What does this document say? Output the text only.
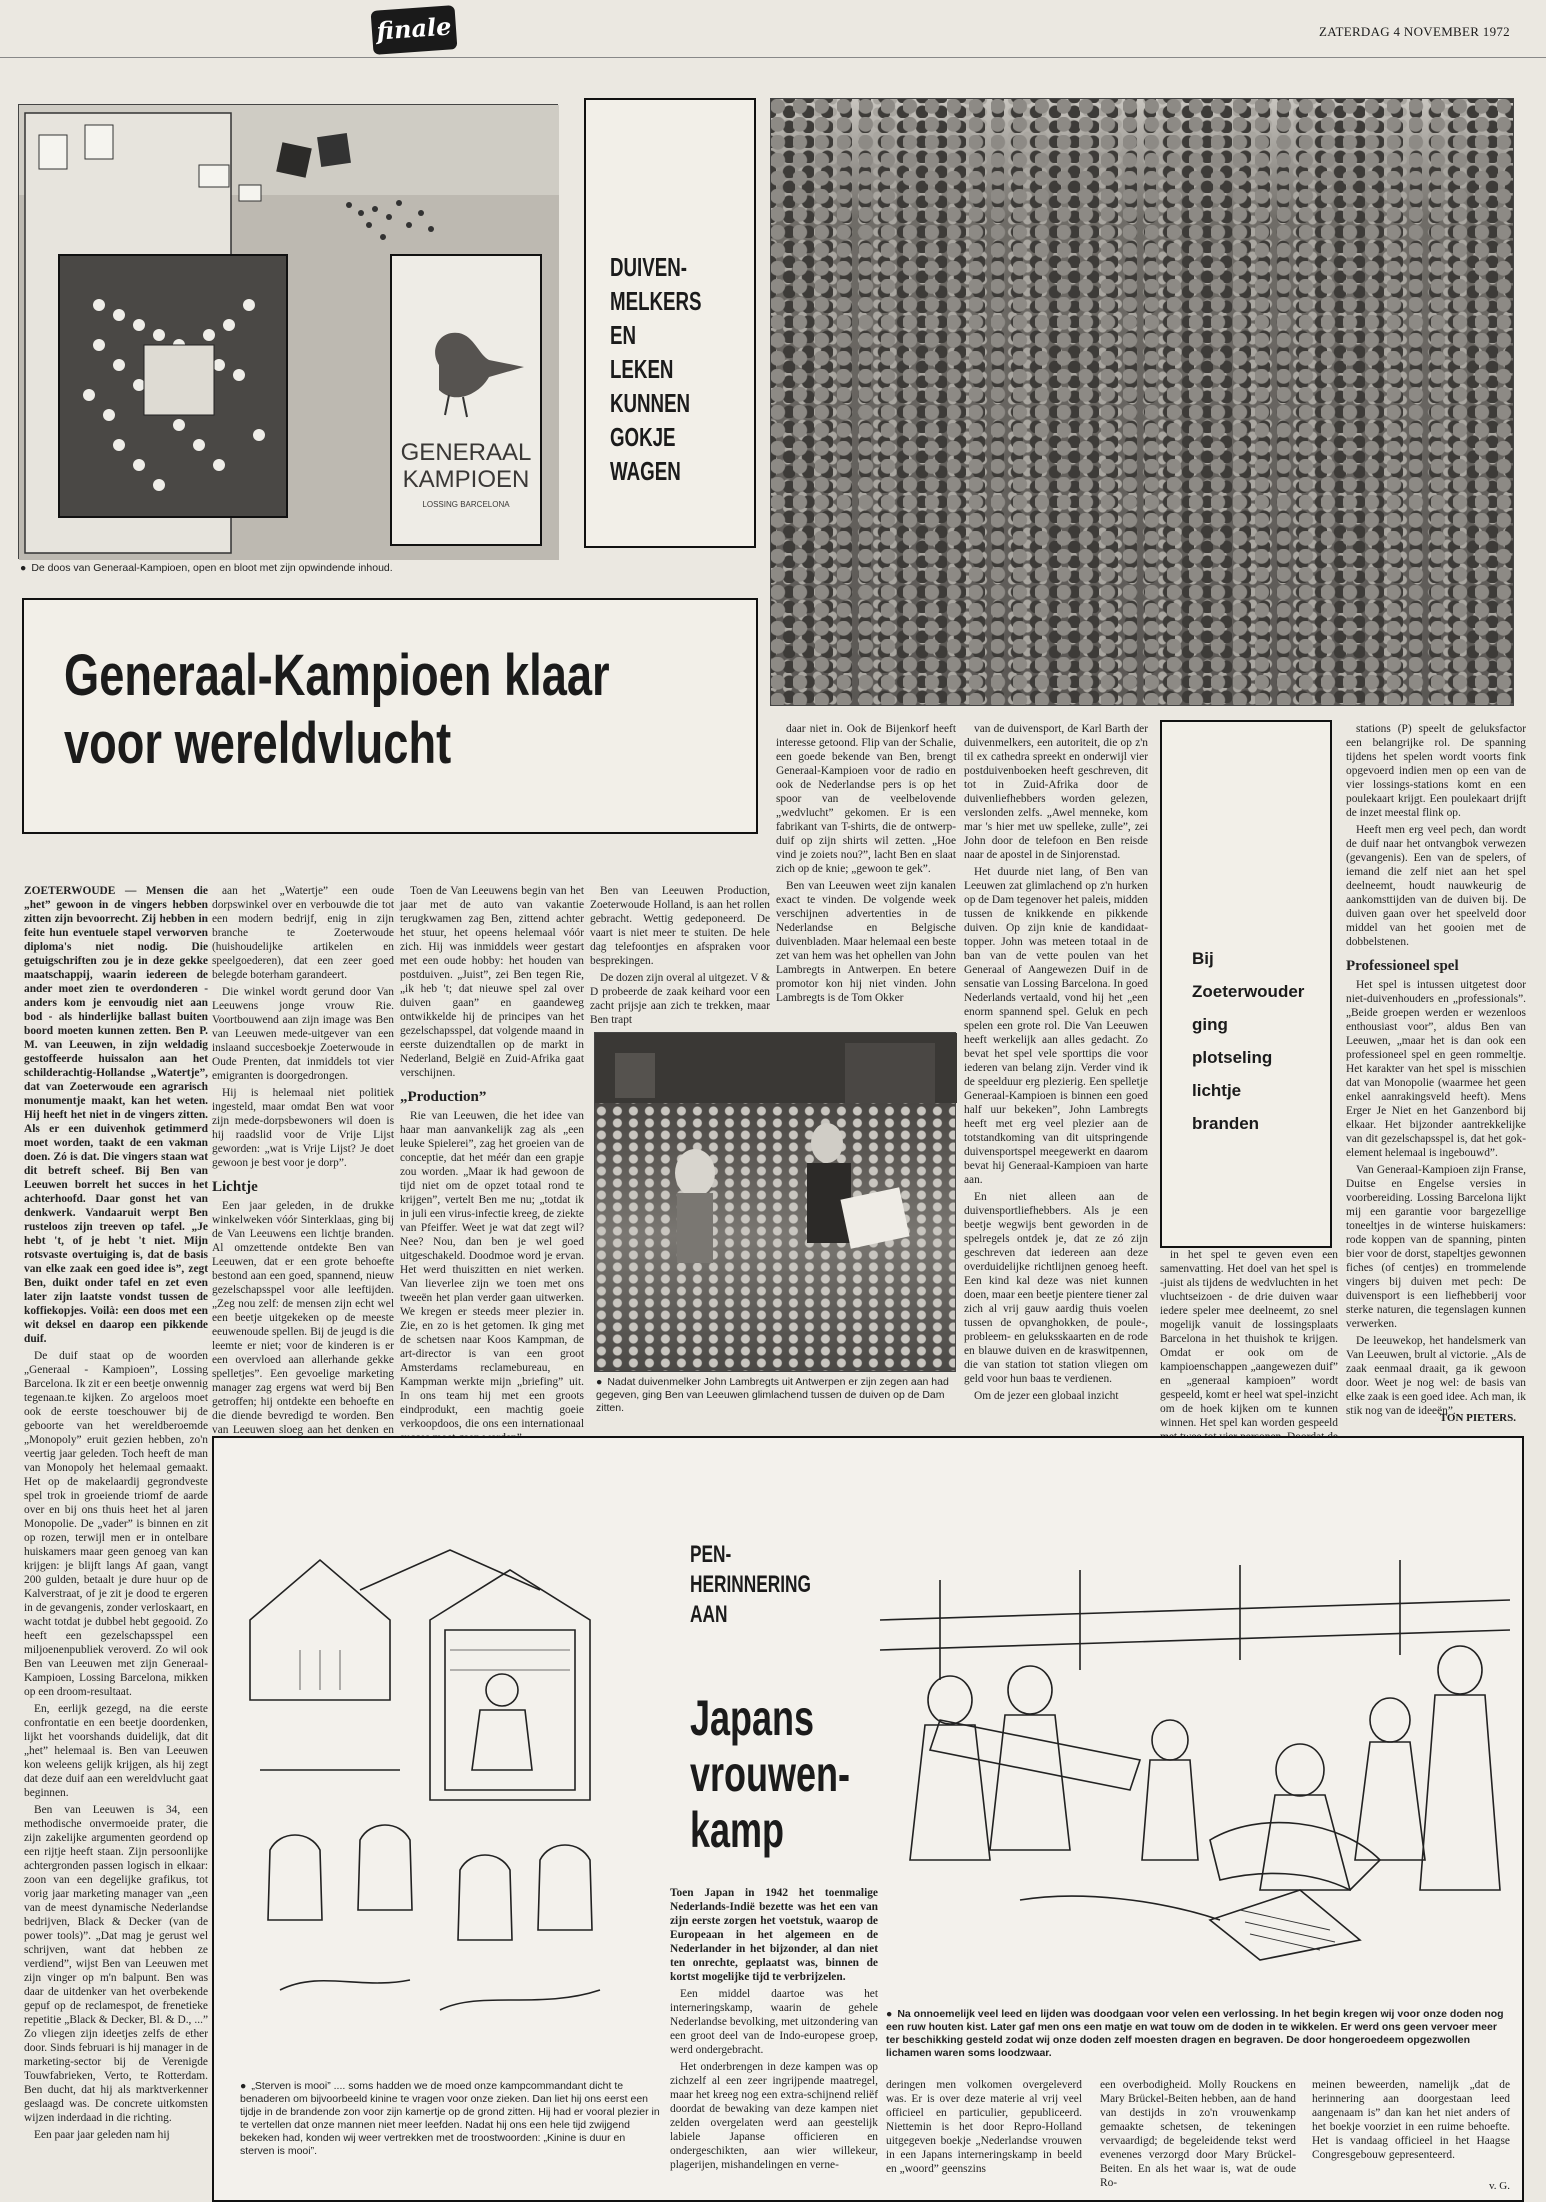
finale	ZATERDAG 4 NOVEMBER 1972
GENERAAL
KAMPIOEN
LOSSING BARCELONA
● De doos van Generaal-Kampioen, open en bloot met zijn opwindende inhoud.
DUIVEN-
MELKERS
EN
LEKEN
KUNNEN
GOKJE
WAGEN
Generaal-Kampioen klaar
voor wereldvlucht

ZOETERWOUDE — Mensen die „het” gewoon in de vingers hebben zitten zijn bevoorrecht. Zij hebben in feite hun eventuele stapel verworven diploma's niet nodig. Die getuigschriften zou je in deze gekke maatschappij, waarin iedereen de ander moet zien te overdonderen - anders kom je eenvoudig niet aan bod - als hinderlijke ballast buiten boord moeten kunnen zetten. Ben P. M. van Leeuwen, in zijn weldadig gestoffeerde huissalon aan het schilderachtig-Hollandse „Watertje”, dat van Zoeterwoude een agrarisch monumentje maakt, kan het weten. Hij heeft het niet in de vingers zitten. Als er een duivenhok getimmerd moet worden, taakt de een vakman doen. Zó is dat. Die vingers staan wat dit betreft scheef. Bij Ben van Leeuwen borrelt het succes in het achterhoofd. Daar gonst het van denkwerk. Vandaaruit werpt Ben rusteloos zijn treeven op tafel. „Je hebt 't, of je hebt 't niet. Mijn rotsvaste overtuiging is, dat de basis van elke zaak een goed idee is”, zegt Ben, duikt onder tafel en zet even later zijn laatste vondst tussen de koffiekopjes. Voilà: een doos met een wit deksel en daarop een pikkende duif.

De duif staat op de woorden „Generaal - Kampioen”, Lossing Barcelona. Ik zit er een beetje onwennig tegenaan.te kijken. Zo argeloos moet ook de eerste toeschouwer bij de geboorte van het wereldberoemde „Monopoly” eruit gezien hebben, zo'n veertig jaar geleden. Toch heeft de man van Monopoly het helemaal gemaakt. Het op de makelaardij gegrondveste spel trok in groeiende triomf de aarde over en bij ons thuis heet het al jaren Monopolie. De „vader” is binnen en zit op rozen, terwijl men er in ontelbare huiskamers maar geen genoeg van kan krijgen: je blijft langs Af gaan, vangt 200 gulden, betaalt je dure huur op de Kalverstraat, of je zit je dood te ergeren in de gevangenis, zonder verloskaart, en wacht totdat je dubbel hebt gegooid. Zo heeft een gezelschapsspel een miljoenenpubliek veroverd. Zo wil ook Ben van Leeuwen met zijn Generaal-Kampioen, Lossing Barcelona, mikken op een droom-resultaat.

En, eerlijk gezegd, na die eerste confrontatie en een beetje doordenken, lijkt het voorshands duidelijk, dat dit „het” helemaal is. Ben van Leeuwen kon weleens gelijk krijgen, als hij zegt dat deze duif aan een wereldvlucht gaat beginnen.

Ben van Leeuwen is 34, een methodische onvermoeide prater, die zijn zakelijke argumenten geordend op een rijtje heeft staan. Zijn persoonlijke achtergronden passen logisch in elkaar: zoon van een degelijke grafikus, tot vorig jaar marketing manager van „een van de meest dynamische Nederlandse bedrijven, Black & Decker (van de power tools)”. „Dat mag je gerust wel schrijven, want dat hebben ze verdiend”, wijst Ben van Leeuwen met zijn vinger op m'n balpunt. Ben was daar de uitdenker van het overbekende gepuf op de reclamespot, de frenetieke repetitie „Black & Decker, Bl. & D., ...” Zo vliegen zijn ideetjes zelfs de ether door. Sinds februari is hij manager in de marketing-sector bij de Verenigde Touwfabrieken, Verto, te Rotterdam. Ben ducht, dat hij als marktverkenner geslaagd was. De concrete uitkomsten wijzen inderdaad in die richting.

Een paar jaar geleden nam hij

aan het „Watertje” een oude dorpswinkel over en verbouwde die tot een modern bedrijf, enig in zijn branche te Zoeterwoude (huishoudelijke artikelen en speelgoederen), dat een zeer goed belegde boterham garandeert.

Die winkel wordt gerund door Van Leeuwens jonge vrouw Rie. Voortbouwend aan zijn image was Ben van Leeuwen mede-uitgever van een inslaand succesboekje Zoeterwoude in Oude Prenten, dat inmiddels tot vier emigranten is doorgedrongen.

Hij is helemaal niet politiek ingesteld, maar omdat Ben wat voor zijn mede-dorpsbewoners wil doen is hij raadslid voor de Vrije Lijst geworden: „wat is Vrije Lijst? Je doet gewoon je best voor je dorp”.

Lichtje

Een jaar geleden, in de drukke winkelweken vóór Sinterklaas, ging bij de Van Leeuwens een lichtje branden. Al omzettende ontdekte Ben van Leeuwen, dat er een grote behoefte bestond aan een goed, spannend, nieuw gezelschapsspel voor alle leeftijden. „Zeg nou zelf: de mensen zijn echt wel een beetje uitgekeken op de meeste eeuwenoude spellen. Bij de jeugd is die leemte er niet; voor de kinderen is er een overvloed aan allerhande gekke spelletjes”. Een gevoelige marketing manager zag ergens wat werd bij Ben getroffen; hij ontdekte een behoefte en die diende bevredigd te worden. Ben van Leeuwen sloeg aan het denken en

Toen de Van Leeuwens begin van het jaar met de auto van vakantie terugkwamen zag Ben, zittend achter het stuur, het opeens helemaal vóór zich. Hij was inmiddels weer gestart met een oude hobby: het houden van postduiven. „Juist”, zei Ben tegen Rie, „ik heb 't; dat nieuwe spel zal over duiven gaan” en gaandeweg ontwikkelde hij de principes van het gezelschapsspel, dat volgende maand in eerste duizendtallen op de markt in Nederland, België en Zuid-Afrika gaat verschijnen.

„Production”

Rie van Leeuwen, die het idee van haar man aanvankelijk zag als „een leuke Spielerei”, zag het groeien van de conceptie, dat het méér dan een grapje zou worden. „Maar ik had gewoon de tijd niet om de opzet totaal rond te krijgen”, vertelt Ben me nu; „totdat ik in juli een virus-infectie kreeg, de ziekte van Pfeiffer. Weet je wat dat zegt wil? Nee? Nou, dan ben je wel goed uitgeschakeld. Doodmoe word je ervan. Het werd thuiszitten en niet werken. Van lieverlee zijn we toen met ons tweeën het plan verder gaan uitwerken. We kregen er steeds meer plezier in. Zie, en zo is het getomen. Ik ging met de schetsen naar Koos Kampman, de art-director is van een groot Amsterdams reclamebureau, en Kampman werkte mijn „briefing” uit. In ons team hij met een groots eindprodukt, een machtig goeie verkoopdoos, die ons een internationaal

Ben van Leeuwen Production, Zoeterwoude Holland, is aan het rollen gebracht. Wettig gedeponeerd. De vaart is niet meer te stuiten. De hele dag telefoontjes en afspraken voor besprekingen.

De dozen zijn overal al uitgezet. V & D probeerde de zaak keihard voor een zacht prijsje aan zich te trekken, maar Ben trapt

daar niet in. Ook de Bijenkorf heeft interesse getoond. Flip van der Schalie, een goede bekende van Ben, brengt Generaal-Kampioen voor de radio en ook de Nederlandse pers is op het spoor van de veelbelovende „wedvlucht” gekomen. Er is een fabrikant van T-shirts, die de ontwerp-duif op zijn shirts wil zetten. „Hoe vind je zoiets nou?”, lacht Ben en slaat zich op de knie; „gewoon te gek”.

Ben van Leeuwen weet zijn kanalen exact te vinden. De volgende week verschijnen advertenties in de Nederlandse en Belgische duivenbladen. Maar helemaal een beste zet van hem was het ophellen van John Lambregts in Antwerpen. En betere promotor kon hij niet vinden. John Lambregts is de Tom Okker

● Nadat duivenmelker John Lambregts uit Antwerpen er zijn zegen aan had gegeven, ging Ben van Leeuwen glimlachend tussen de duiven op de Dam zitten.

van de duivensport, de Karl Barth der duivenmelkers, een autoriteit, die op z'n til ex cathedra spreekt en onderwijl vier postduivenboeken heeft geschreven, dit tot in Zuid-Afrika door de duivenliefhebbers worden gelezen, verslonden zelfs. „Awel menneke, kom mar 's hier met uw spelleke, zulle”, zei John door de telefoon en Ben reisde naar de apostel in de Sinjorenstad.

Het duurde niet lang, of Ben van Leeuwen zat glimlachend op z'n hurken op de Dam tegenover het paleis, midden tussen de knikkende en pikkende duiven. Op zijn knie de kandidaat-topper. John was meteen totaal in de ban van de vette poulen van het Generaal of Aangewezen Duif in de sensatie van Lossing Barcelona. In goed Nederlands vertaald, vond hij het „een enorm spannend spel. Geluk en pech spelen een grote rol. Die Van Leeuwen heeft werkelijk aan alles gedacht. Zo bevat het spel vele sporttips die voor iederen van belang zijn. Verder vind ik de speelduur erg plezierig. Een spelletje Generaal-Kampioen is binnen een goed half uur bekeken”, John Lambregts heeft met erg veel plezier aan de totstandkoming van dit uitspringende duivensportspel meegewerkt en daarom bevat hij Generaal-Kampioen van harte aan.

En niet alleen aan de duivensportliefhebbers. Als je een beetje wegwijs bent geworden in de spelregels ontdek je, dat ze zó zijn geschreven dat iedereen aan deze overduidelijke richtlijnen genoeg heeft. Een kind kal deze was niet kunnen doen, maar een beetje pientere tiener zal zich al vrij gauw aardig thuis voelen tussen de opvanghokken, de poule-, probleem- en geluksskaarten en de rode en blauwe duiven en de kraswitpennen, die van station tot station vliegen om geld voor hun baas te verdienen.

Om de jezer een globaal inzicht

Bij
Zoeterwouder
ging
plotseling
lichtje
branden

in het spel te geven even een samenvatting. Het doel van het spel is -juist als tijdens de wedvluchten in het vluchtseizoen - de drie duiven waar iedere speler mee deelneemt, zo snel mogelijk vanuit de lossingsplaats Barcelona in het thuishok te krijgen. Omdat er ook om de kampioenschappen „aangewezen duif” en „generaal kampioen” wordt gespeeld, komt er heel wat spel-inzicht om de hoek kijken om te kunnen winnen. Het spel kan worden gespeeld

stations (P) speelt de geluksfactor een belangrijke rol. De spanning tijdens het spelen wordt voorts fink opgevoerd indien men op een van de vier lossings-stations komt en een poulekaart krijgt. Een poulekaart drijft de inzet meestal flink op.

Heeft men erg veel pech, dan wordt de duif naar het ontvangbok verwezen (gevangenis). Een van de spelers, of iemand die zelf niet aan het spel deelneemt, houdt nauwkeurig de aankomsttijden van de duiven bij. De duiven gaan over het speelveld door middel van het gooien met de dobbelstenen.

Professioneel spel

Het spel is intussen uitgetest door niet-duivenhouders en „professionals”. „Beide groepen werden er wezenloos enthousiast voor”, aldus Ben van Leeuwen, „maar het is dan ook een professioneel spel en geen rommeltje. Het karakter van het spel is misschien dat van Monopolie (waarmee het geen enkel aanrakingsveld heeft). Mens Erger Je Niet en het Ganzenbord bij elkaar. Het bijzonder aantrekkelijke van dit gezelschapsspel is, dat het gok-element helemaal is ingebouwd”.

Van Generaal-Kampioen zijn Franse, Duitse en Engelse versies in voorbereiding. Lossing Barcelona lijkt mij een garantie voor bargezellige toneeltjes in de winterse huiskamers: rode koppen van de spanning, pinten bier voor de dorst, stapeltjes gewonnen fiches (of centjes) en trommelende vingers bij duiven met pech: De duivensport is een liefhebberij voor sterke naturen, die tegenslagen kunnen verwerken.

De leeuwekop, het handelsmerk van Van Leeuwen, brult al victorie. „Als de zaak eenmaal draait, ga ik gewoon door. Weet je nog wel: de basis van elke zaak is een goed idee. Ach man, ik stik nog van de ideeën”.

TON PIETERS.
PEN-
HERINNERING
AAN
Japans
vrouwen-
kamp

Toen Japan in 1942 het toenmalige Nederlands-Indië bezette was het een van zijn eerste zorgen het voetstuk, waarop de Europeaan in het algemeen en de Nederlander in het bijzonder, al dan niet ten onrechte, geplaatst was, binnen de kortst mogelijke tijd te verbrijzelen.

Een middel daartoe was het interneringskamp, waarin de gehele Nederlandse bevolking, met uitzondering van een groot deel van de Indo-europese groep, werd ondergebracht.

Het onderbrengen in deze kampen was op zichzelf al een zeer ingrijpende maatregel, maar het kreeg nog een extra-schijnend reliëf doordat de bewaking van deze kampen niet zelden overgelaten werd aan geestelijk labiele Japanse officieren en ondergeschikten, aan wier willekeur, plagerijen, mishandelingen en verne-

● „Sterven is mooi” .... soms hadden we de moed onze kampcommandant dicht te benaderen om bijvoorbeeld kinine te vragen voor onze zieken. Dan liet hij ons eerst een tijdje in de brandende zon voor zijn kamertje op de grond zitten. Hij had er vooral plezier in te vertellen dat onze mannen niet meer leefden. Nadat hij ons een hele tijd zwijgend bekeken had, konden wij weer vertrekken met de troostwoorden: „Kinine is duur en sterven is mooi”.
● Na onnoemelijk veel leed en lijden was doodgaan voor velen een verlossing. In het begin kregen wij voor onze doden nog een ruw houten kist. Later gaf men ons een matje en wat touw om de doden in te wikkelen. Er werd ons geen vervoer meer ter beschikking gesteld zodat wij onze doden zelf moesten dragen en begraven. De door hongeroedeem opgezwollen lichamen waren soms loodzwaar.

deringen men volkomen overgeleverd was. Er is over deze materie al vrij veel officieel en particulier, gepubliceerd. Niettemin is het door Repro-Holland uitgegeven boekje „Nederlandse vrouwen in een Japans interneringskamp in beeld en „woord” geenszins

een overbodigheid. Molly Rouckens en Mary Brückel-Beiten hebben, aan de hand van destijds in zo'n vrouwenkamp gemaakte schetsen, de tekeningen vervaardigd; de begeleidende tekst werd evenenes verzorgd door Mary Brückel-Beiten. En als het waar is, wat de oude Ro-

meinen beweerden, namelijk „dat de herinnering aan doorgestaan leed aangenaam is” dan kan het niet anders of het boekje voorziet in een ruime behoefte. Het is vandaag officieel in het Haagse Congresgebouw gepresenteerd.

v. G.
